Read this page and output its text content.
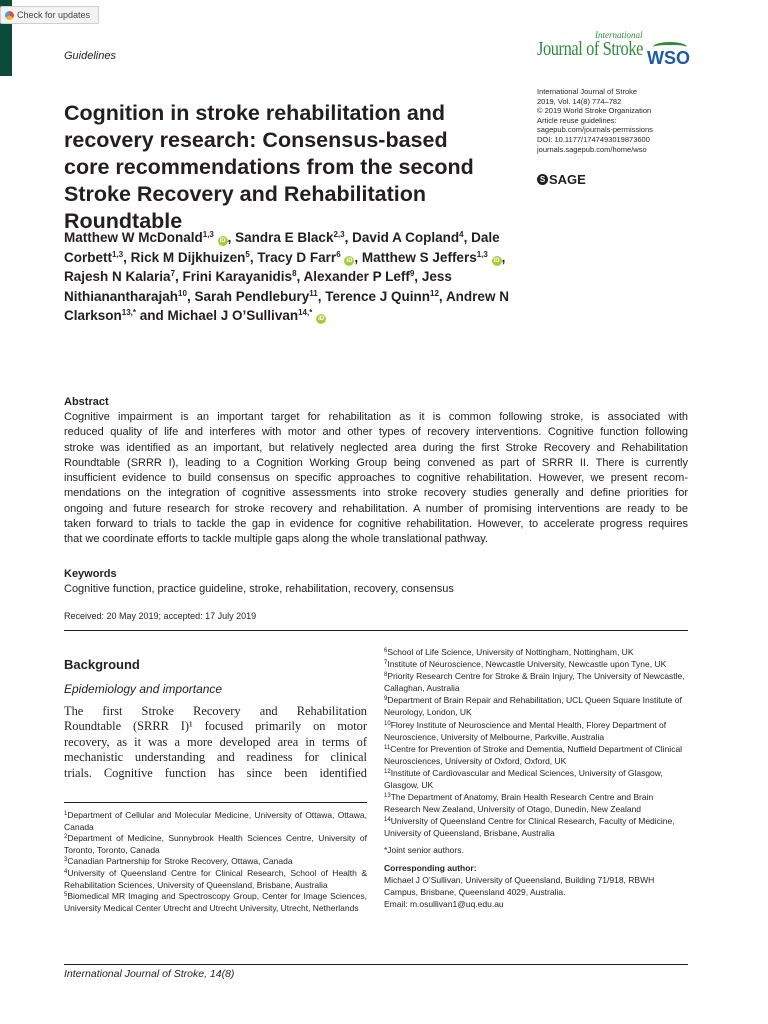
Check for updates
Guidelines
International
Journal of Stroke WSO
International Journal of Stroke
2019, Vol. 14(8) 774–782
© 2019 World Stroke Organization
Article reuse guidelines:
sagepub.com/journals-permissions
DOI: 10.1177/1747493019873600
journals.sagepub.com/home/wso
S SAGE
Cognition in stroke rehabilitation and
recovery research: Consensus-based
core recommendations from the second
Stroke Recovery and Rehabilitation
Roundtable
Matthew W McDonald$^{1,3}$ iD , Sandra E Black$^{2,3}$, David A Copland$^4$, Dale Corbett$^{1,3}$, Rick M Dijkhuizen$^5$, Tracy D Farr$^6$ iD , Matthew S Jeffers$^{1,3}$ iD , Rajesh N Kalaria$^7$, Frini Karayanidis$^8$, Alexander P Leff$^9$, Jess Nithianantharajah$^{10}$, Sarah Pendlebury$^{11}$, Terence J Quinn$^{12}$, Andrew N Clarkson$^{13,*}$ and Michael J O’Sullivan$^{14,*}$ iD
Abstract
Cognitive impairment is an important target for rehabilitation as it is common following stroke, is associated with
reduced quality of life and interferes with motor and other types of recovery interventions. Cognitive function following
stroke was identified as an important, but relatively neglected area during the first Stroke Recovery and Rehabilitation
Roundtable (SRRR I), leading to a Cognition Working Group being convened as part of SRRR II. There is currently
insufficient evidence to build consensus on specific approaches to cognitive rehabilitation. However, we present recom-
mendations on the integration of cognitive assessments into stroke recovery studies generally and define priorities for
ongoing and future research for stroke recovery and rehabilitation. A number of promising interventions are ready to be
taken forward to trials to tackle the gap in evidence for cognitive rehabilitation. However, to accelerate progress requires
that we coordinate efforts to tackle multiple gaps along the whole translational pathway.
Keywords
Cognitive function, practice guideline, stroke, rehabilitation, recovery, consensus
Received: 20 May 2019; accepted: 17 July 2019
Background
Epidemiology and importance
The first Stroke Recovery and Rehabilitation
Roundtable (SRRR I)¹ focused primarily on motor
recovery, as it was a more developed area in terms of
mechanistic understanding and readiness for clinical
trials. Cognitive function has since been identified
$^1$Department of Cellular and Molecular Medicine, University of Ottawa, Ottawa, Canada
$^2$Department of Medicine, Sunnybrook Health Sciences Centre, University of Toronto, Toronto, Canada
$^3$Canadian Partnership for Stroke Recovery, Ottawa, Canada
$^4$University of Queensland Centre for Clinical Research, School of Health & Rehabilitation Sciences, University of Queensland, Brisbane, Australia
$^5$Biomedical MR Imaging and Spectroscopy Group, Center for Image Sciences, University Medical Center Utrecht and Utrecht University, Utrecht, Netherlands
$^6$School of Life Science, University of Nottingham, Nottingham, UK
$^7$Institute of Neuroscience, Newcastle University, Newcastle upon Tyne, UK
$^8$Priority Research Centre for Stroke & Brain Injury, The University of Newcastle, Callaghan, Australia
$^9$Department of Brain Repair and Rehabilitation, UCL Queen Square Institute of Neurology, London, UK
$^{10}$Florey Institute of Neuroscience and Mental Health, Florey Department of Neuroscience, University of Melbourne, Parkville, Australia
$^{11}$Centre for Prevention of Stroke and Dementia, Nuffield Department of Clinical Neurosciences, University of Oxford, Oxford, UK
$^{12}$Institute of Cardiovascular and Medical Sciences, University of Glasgow, Glasgow, UK
$^{13}$The Department of Anatomy, Brain Health Research Centre and Brain Research New Zealand, University of Otago, Dunedin, New Zealand
$^{14}$University of Queensland Centre for Clinical Research, Faculty of Medicine, University of Queensland, Brisbane, Australia
*Joint senior authors.
Corresponding author:
Michael J O’Sullivan, University of Queensland, Building 71/918, RBWH
Campus, Brisbane, Queensland 4029, Australia.
Email: m.osullivan1@uq.edu.au
International Journal of Stroke, 14(8)
